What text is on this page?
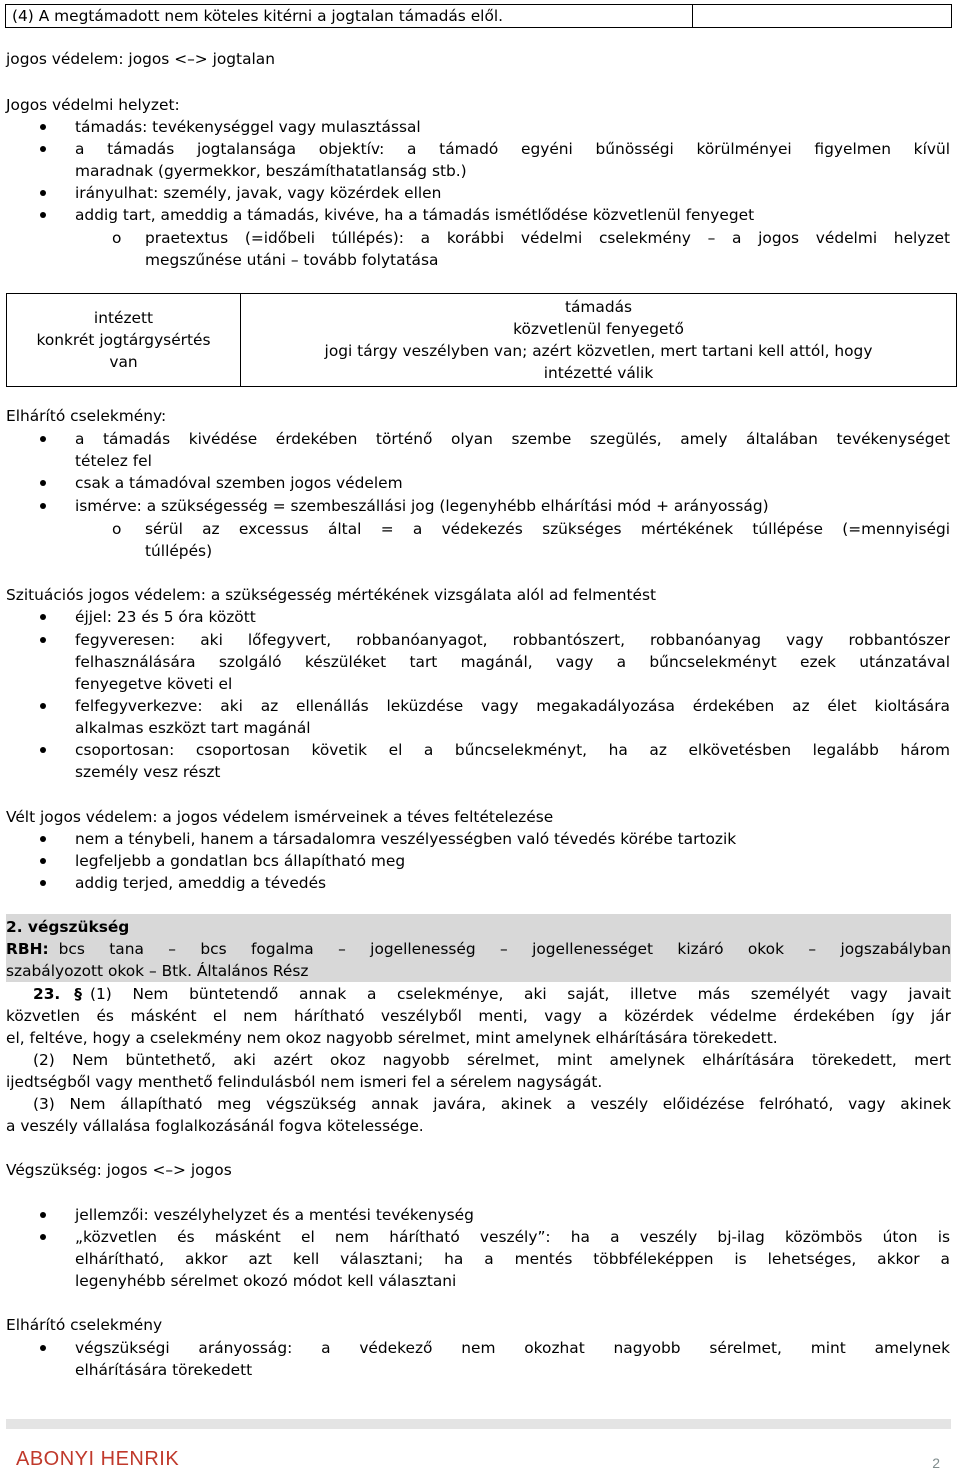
(4) A megtámadott nem köteles kitérni a jogtalan támadás elől.
jogos védelem: jogos <–> jogtalan
Jogos védelmi helyzet:
támadás: tevékenységgel vagy mulasztással
a támadás jogtalansága objektív: a támadó egyéni bűnösségi körülményei figyelmen kívül
maradnak (gyermekkor, beszámíthatatlanság stb.)
irányulhat: személy, javak, vagy közérdek ellen
addig tart, ameddig a támadás, kivéve, ha a támadás ismétlődése közvetlenül fenyeget
o praetextus (=időbeli túllépés): a korábbi védelmi cselekmény – a jogos védelmi helyzet
megszűnése utáni – tovább folytatása
intézett
konkrét jogtárgysértés
van

támadás
közvetlenül fenyegető
jogi tárgy veszélyben van; azért közvetlen, mert tartani kell attól, hogy
intézetté válik
Elhárító cselekmény:
a támadás kivédése érdekében történő olyan szembe szegülés, amely általában tevékenységet
tételez fel
csak a támadóval szemben jogos védelem
ismérve: a szükségesség = szembeszállási jog (legenyhébb elhárítási mód + arányosság)
o sérül az excessus által = a védekezés szükséges mértékének túllépése (=mennyiségi
túllépés)
Szituációs jogos védelem: a szükségesség mértékének vizsgálata alól ad felmentést
éjjel: 23 és 5 óra között
fegyveresen: aki lőfegyvert, robbanóanyagot, robbantószert, robbanóanyag vagy robbantószer
felhasználására szolgáló készüléket tart magánál, vagy a bűncselekményt ezek utánzatával
fenyegetve követi el
felfegyverkezve: aki az ellenállás leküzdése vagy megakadályozása érdekében az élet kioltására
alkalmas eszközt tart magánál
csoportosan: csoportosan követik el a bűncselekményt, ha az elkövetésben legalább három
személy vesz részt
Vélt jogos védelem: a jogos védelem ismérveinek a téves feltételezése
nem a ténybeli, hanem a társadalomra veszélyességben való tévedés körébe tartozik
legfeljebb a gondatlan bcs állapítható meg
addig terjed, ameddig a tévedés
2. végszükség
RBH: bcs tana – bcs fogalma – jogellenesség – jogellenességet kizáró okok – jogszabályban
szabályozott okok – Btk. Általános Rész
23. § (1) Nem büntetendő annak a cselekménye, aki saját, illetve más személyét vagy javait
közvetlen és másként el nem hárítható veszélyből menti, vagy a közérdek védelme érdekében így jár
el, feltéve, hogy a cselekmény nem okoz nagyobb sérelmet, mint amelynek elhárítására törekedett.
(2) Nem büntethető, aki azért okoz nagyobb sérelmet, mint amelynek elhárítására törekedett, mert
ijedtségből vagy menthető felindulásból nem ismeri fel a sérelem nagyságát.
(3) Nem állapítható meg végszükség annak javára, akinek a veszély előidézése felróható, vagy akinek
a veszély vállalása foglalkozásánál fogva kötelessége.
Végszükség: jogos <–> jogos
jellemzői: veszélyhelyzet és a mentési tevékenység
„közvetlen és másként el nem hárítható veszély”: ha a veszély bj-ilag közömbös úton is
elhárítható, akkor azt kell választani; ha a mentés többféleképpen is lehetséges, akkor a
legenyhébb sérelmet okozó módot kell választani
Elhárító cselekmény
végszükségi arányosság: a védekező nem okozhat nagyobb sérelmet, mint amelynek
elhárítására törekedett
ABONYI HENRIK	2
